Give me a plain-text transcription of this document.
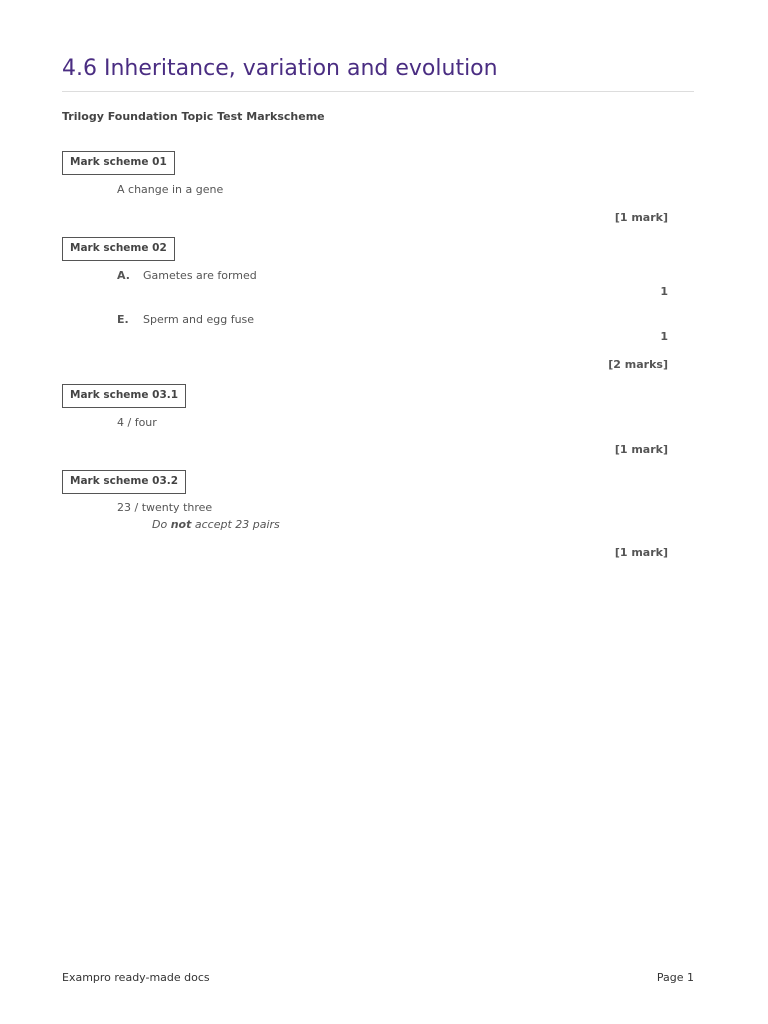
4.6 Inheritance, variation and evolution
Trilogy Foundation Topic Test Markscheme
Mark scheme 01
A change in a gene
[1 mark]
Mark scheme 02
A. Gametes are formed
1
E. Sperm and egg fuse
1
[2 marks]
Mark scheme 03.1
4 / four
[1 mark]
Mark scheme 03.2
23 / twenty three
Do not accept 23 pairs
[1 mark]
Exampro ready-made docs	Page 1
